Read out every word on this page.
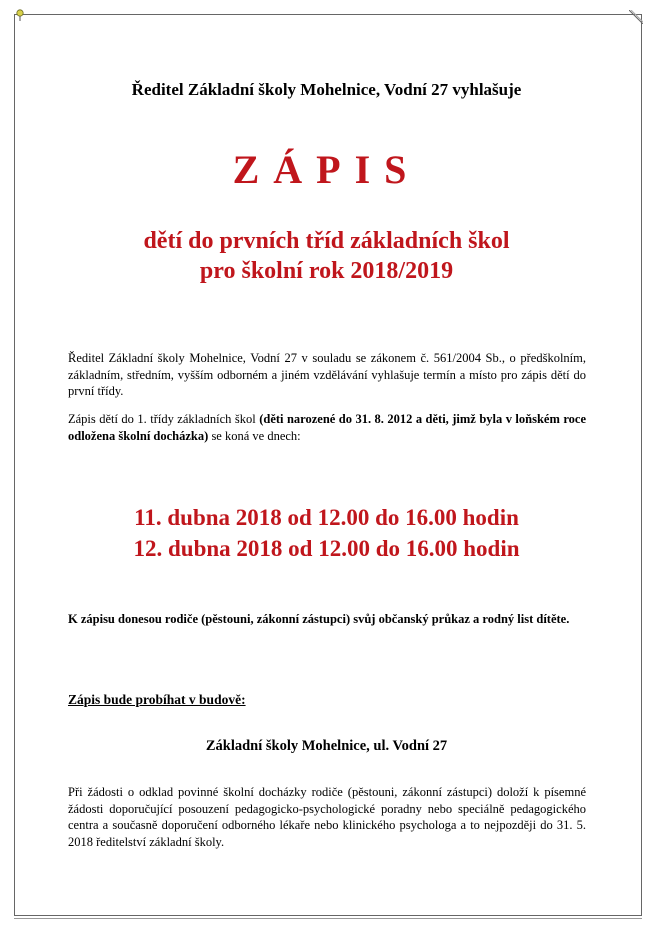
Ředitel Základní školy Mohelnice, Vodní 27 vyhlašuje
ZÁPIS
dětí do prvních tříd základních škol
pro školní rok 2018/2019
Ředitel Základní školy Mohelnice, Vodní 27 v souladu se zákonem č. 561/2004 Sb., o předškolním, základním, středním, vyšším odborném a jiném vzdělávání vyhlašuje termín a místo pro zápis dětí do první třídy.
Zápis dětí do 1. třídy základních škol (děti narozené do 31. 8. 2012 a děti, jimž byla v loňském roce odložena školní docházka) se koná ve dnech:
11. dubna 2018 od 12.00 do 16.00 hodin
12. dubna 2018 od 12.00 do 16.00 hodin
K zápisu donesou rodiče (pěstouni, zákonní zástupci) svůj občanský průkaz a rodný list dítěte.
Zápis bude probíhat v budově:
Základní školy Mohelnice, ul. Vodní 27
Při žádosti o odklad povinné školní docházky rodiče (pěstouni, zákonní zástupci) doloží k písemné žádosti doporučující posouzení pedagogicko-psychologické poradny nebo speciálně pedagogického centra a současně doporučení odborného lékaře nebo klinického psychologa a to nejpozději do 31. 5. 2018 ředitelství základní školy.
